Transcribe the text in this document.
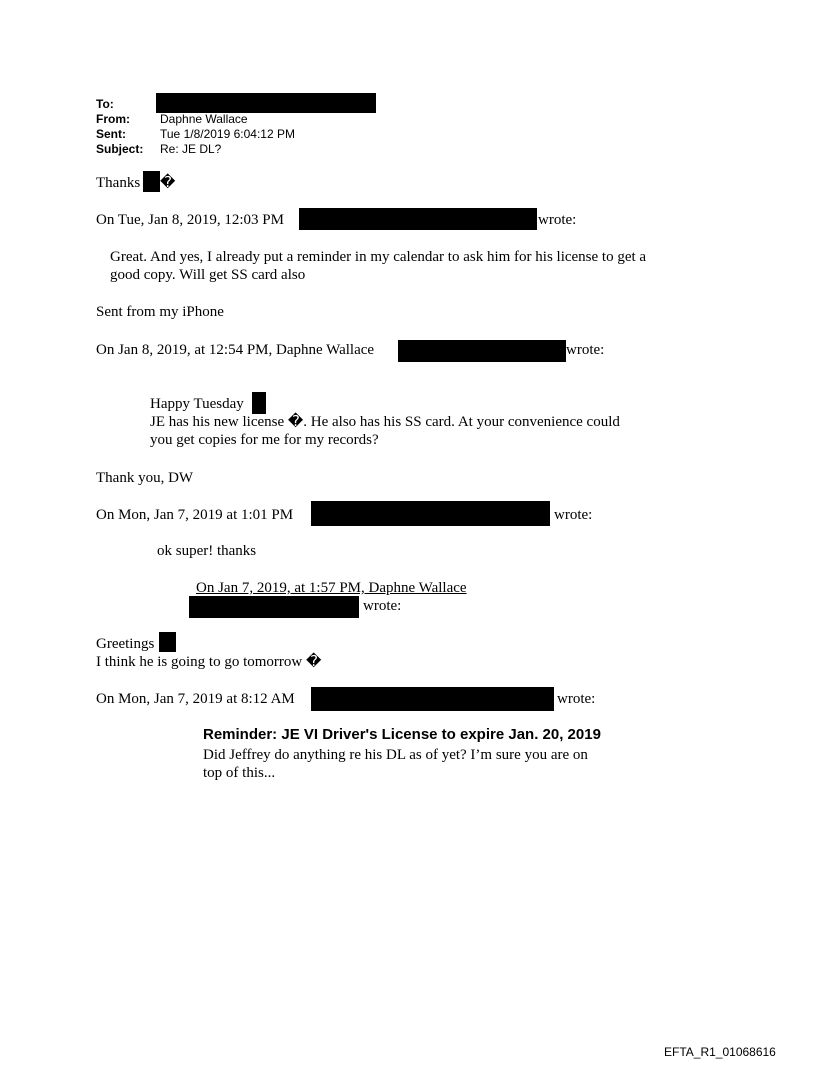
To:
From:	Daphne Wallace
Sent:	Tue 1/8/2019 6:04:12 PM
Subject: Re: JE DL?
Thanks �
On Tue, Jan 8, 2019, 12:03 PM	wrote:
Great. And yes, I already put a reminder in my calendar to ask him for his license to get a
good copy. Will get SS card also
Sent from my iPhone
On Jan 8, 2019, at 12:54 PM, Daphne Wallace	wrote:
Happy Tuesday
JE has his new license �. He also has his SS card. At your convenience could
you get copies for me for my records?
Thank you, DW
On Mon, Jan 7, 2019 at 1:01 PM	wrote:
ok super! thanks
On Jan 7, 2019, at 1:57 PM, Daphne Wallace
wrote:
Greetings
I think he is going to go tomorrow �
On Mon, Jan 7, 2019 at 8:12 AM	wrote:
Reminder: JE VI Driver's License to expire Jan. 20, 2019
Did Jeffrey do anything re his DL as of yet? I’m sure you are on
top of this...
EFTA_R1_01068616
